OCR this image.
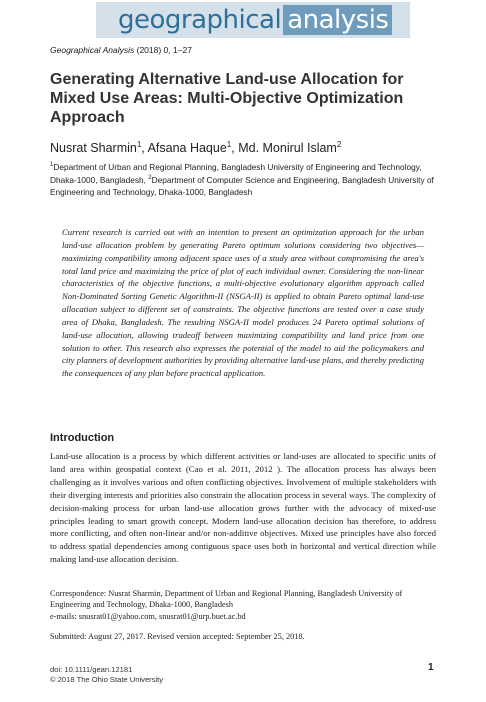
geographical analysis
Geographical Analysis (2018) 0, 1–27
Generating Alternative Land-use Allocation for Mixed Use Areas: Multi-Objective Optimization Approach
Nusrat Sharmin$^1$, Afsana Haque$^1$, Md. Monirul Islam$^2$
$^1$Department of Urban and Regional Planning, Bangladesh University of Engineering and Technology, Dhaka-1000, Bangladesh, $^2$Department of Computer Science and Engineering, Bangladesh University of Engineering and Technology, Dhaka-1000, Bangladesh

Current research is carried out with an intention to present an optimization approach for the urban land-use allocation problem by generating Pareto optimum solutions considering two objectives—maximizing compatibility among adjacent space uses of a study area without compromising the area's total land price and maximizing the price of plot of each individual owner. Considering the non-linear characteristics of the objective functions, a multi-objective evolutionary algorithm approach called Non-Dominated Sorting Genetic Algorithm-II (NSGA-II) is applied to obtain Pareto optimal land-use allocation subject to different set of constraints. The objective functions are tested over a case study area of Dhaka, Bangladesh. The resulting NSGA-II model produces 24 Pareto optimal solutions of land-use allocation, allowing tradeoff between maximizing compatibility and land price from one solution to other. This research also expresses the potential of the model to aid the policymakers and city planners of development authorities by providing alternative land-use plans, and thereby predicting the consequences of any plan before practical application.

Introduction

Land-use allocation is a process by which different activities or land-uses are allocated to specific units of land area within geospatial context (Cao et al. 2011, 2012 ). The allocation process has always been challenging as it involves various and often conflicting objectives. Involvement of multiple stakeholders with their diverging interests and priorities also constrain the allocation process in several ways. The complexity of decision-making process for urban land-use allocation grows further with the advocacy of mixed-use principles leading to smart growth concept. Modern land-use allocation decision has therefore, to address more conflicting, and often non-linear and/or non-additive objectives. Mixed use principles have also forced to address spatial dependencies among contiguous space uses both in horizontal and vertical direction while making land-use allocation decision.

Correspondence: Nusrat Sharmin, Department of Urban and Regional Planning, Bangladesh University of Engineering and Technology, Dhaka-1000, Bangladesh
e-mails: snusrat01@yahoo.com, snusrat01@urp.buet.ac.bd

Submitted: August 27, 2017. Revised version accepted: September 25, 2018.
doi: 10.1111/gean.12181
© 2018 The Ohio State University
1
